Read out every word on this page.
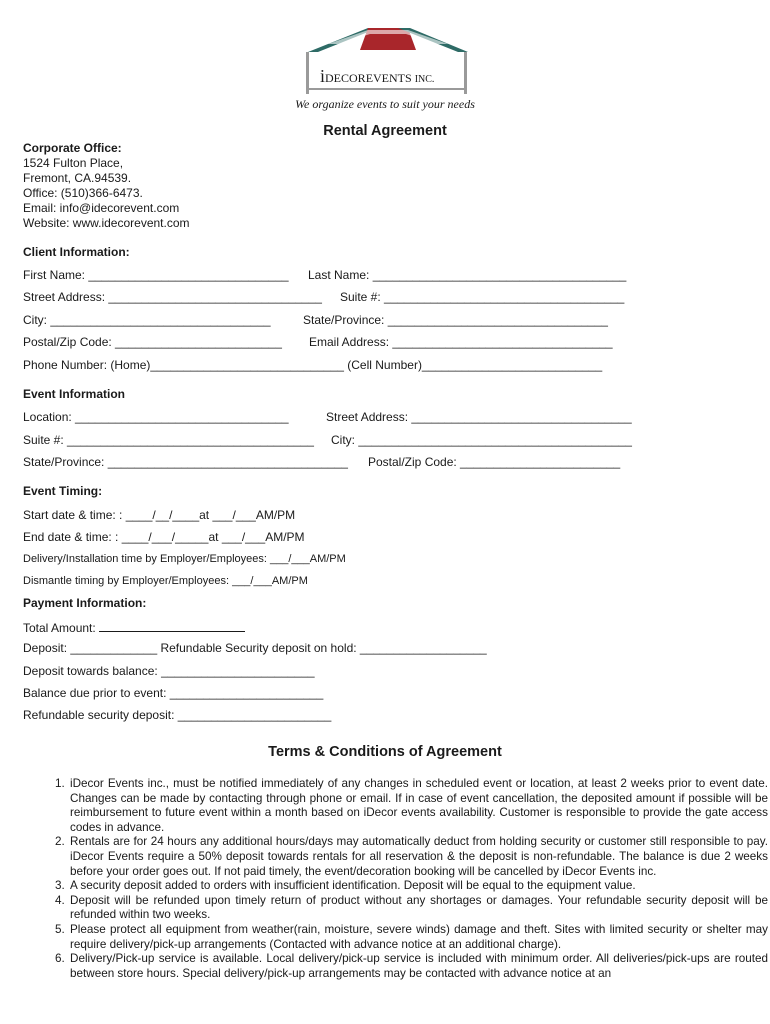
iDECOREVENTS INC.
We organize events to suit your needs
Rental Agreement
Corporate Office:
1524 Fulton Place,
Fremont, CA.94539.
Office: (510)366-6473.
Email: info@idecorevent.com
Website: www.idecorevent.com
Client Information:
First Name: ______________________________ Last Name: ______________________________________
Street Address: ________________________________ Suite #: ____________________________________
City: _________________________________	State/Province: _________________________________
Postal/Zip Code: _________________________ Email Address: _________________________________
Phone Number: (Home)_____________________________ (Cell Number)___________________________
Event Information
Location: ________________________________	Street Address: _________________________________
Suite #: _____________________________________ City: _________________________________________
State/Province: ____________________________________ Postal/Zip Code: ________________________
Event Timing:
Start date & time: : ____/__/____at ___/___AM/PM
End date & time: : ____/___/_____at ___/___AM/PM
Delivery/Installation time by Employer/Employees: ___/___AM/PM
Dismantle timing by Employer/Employees: ___/___AM/PM
Payment Information:
Total Amount:
Deposit: _____________ Refundable Security deposit on hold: ___________________
Deposit towards balance: _______________________
Balance due prior to event: _______________________
Refundable security deposit: _______________________
Terms & Conditions of Agreement
1. iDecor Events inc., must be notified immediately of any changes in scheduled event or location, at least 2 weeks prior to event date. Changes can be made by contacting through phone or email. If in case of event cancellation, the deposited amount if possible will be reimbursement to future event within a month based on iDecor events availability. Customer is responsible to provide the gate access codes in advance.
2. Rentals are for 24 hours any additional hours/days may automatically deduct from holding security or customer still responsible to pay. iDecor Events require a 50% deposit towards rentals for all reservation & the deposit is non-refundable. The balance is due 2 weeks before your order goes out. If not paid timely, the event/decoration booking will be cancelled by iDecor Events inc.
3. A security deposit added to orders with insufficient identification. Deposit will be equal to the equipment value.
4. Deposit will be refunded upon timely return of product without any shortages or damages. Your refundable security deposit will be refunded within two weeks.
5. Please protect all equipment from weather(rain, moisture, severe winds) damage and theft. Sites with limited security or shelter may require delivery/pick-up arrangements (Contacted with advance notice at an additional charge).
6. Delivery/Pick-up service is available. Local delivery/pick-up service is included with minimum order. All deliveries/pick-ups are routed between store hours. Special delivery/pick-up arrangements may be contacted with advance notice at an
